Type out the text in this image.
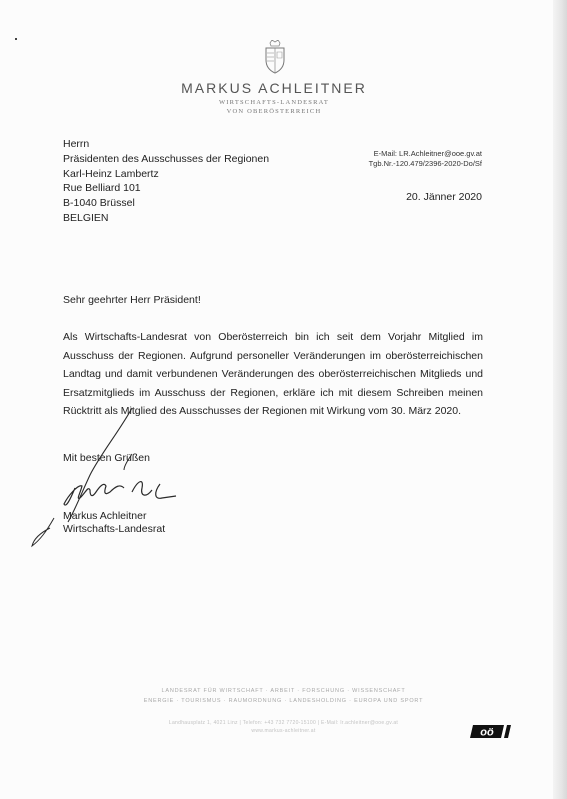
MARKUS ACHLEITNER
WIRTSCHAFTS-LANDESRAT
VON OBERÖSTERREICH
Herrn
Präsidenten des Ausschusses der Regionen
Karl-Heinz Lambertz
Rue Belliard 101
B-1040 Brüssel
BELGIEN
E-Mail: LR.Achleitner@ooe.gv.at
Tgb.Nr.-120.479/2396-2020-Do/Sf
20. Jänner 2020
Sehr geehrter Herr Präsident!
Als Wirtschafts-Landesrat von Oberösterreich bin ich seit dem Vorjahr Mitglied im Ausschuss der Regionen. Aufgrund personeller Veränderungen im oberösterreichischen Landtag und damit verbundenen Veränderungen des oberösterreichischen Mitglieds und Ersatzmitglieds im Ausschuss der Regionen, erkläre ich mit diesem Schreiben meinen Rücktritt als Mitglied des Ausschusses der Regionen mit Wirkung vom 30. März 2020.
Mit besten Grüßen
Markus Achleitner
Wirtschafts-Landesrat
LANDESRAT FÜR WIRTSCHAFT · ARBEIT · FORSCHUNG · WISSENSCHAFT
ENERGIE · TOURISMUS · RAUMORDNUNG · LANDESHOLDING · EUROPA UND SPORT
Landhausplatz 1, 4021 Linz | Telefon: +43 732 7720-15100 | E-Mail: lr.achleitner@ooe.gv.at
www.markus-achleitner.at	oö
